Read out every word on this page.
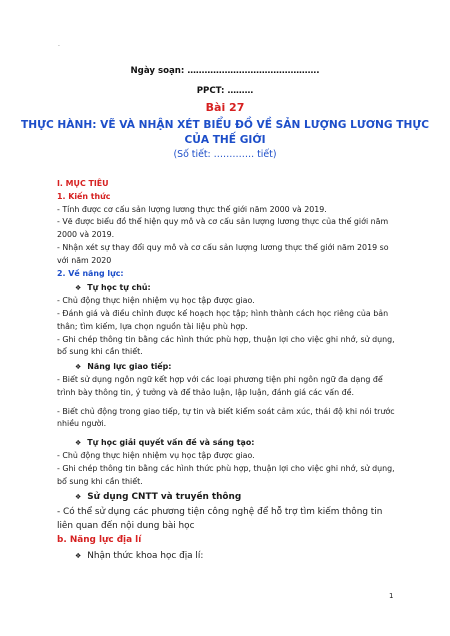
-
Ngày soạn: ……………………………………….
PPCT: ………
Bài 27
THỰC HÀNH: VẼ VÀ NHẬN XÉT BIỂU ĐỒ VỀ SẢN LƯỢNG LƯƠNG THỰC CỦA THẾ GIỚI
(Số tiết: …………. tiết)

I. MỤC TIÊU

1. Kiến thức

- Tính được cơ cấu sản lượng lương thực thế giới năm 2000 và 2019.

- Vẽ được biểu đồ thể hiện quy mô và cơ cấu sản lượng lương thực của thế giới năm 2000 và 2019.

- Nhận xét sự thay đổi quy mô và cơ cấu sản lượng lương thực thế giới năm 2019 so với năm 2020

2. Về năng lực:

❖ Tự học tự chủ:

- Chủ động thực hiện nhiệm vụ học tập được giao.

- Đánh giá và điều chỉnh được kế hoạch học tập; hình thành cách học riêng của bản thân; tìm kiếm, lựa chọn nguồn tài liệu phù hợp.

- Ghi chép thông tin bằng các hình thức phù hợp, thuận lợi cho việc ghi nhớ, sử dụng, bổ sung khi cần thiết.

❖ Năng lực giao tiếp:

- Biết sử dụng ngôn ngữ kết hợp với các loại phương tiện phi ngôn ngữ đa dạng để trình bày thông tin, ý tưởng và để thảo luận, lập luận, đánh giá các vấn đề.

- Biết chủ động trong giao tiếp, tự tin và biết kiểm soát cảm xúc, thái độ khi nói trước nhiều người.

❖ Tự học giải quyết vấn đề và sáng tạo:

- Chủ động thực hiện nhiệm vụ học tập được giao.

- Ghi chép thông tin bằng các hình thức phù hợp, thuận lợi cho việc ghi nhớ, sử dụng, bổ sung khi cần thiết.

❖ Sử dụng CNTT và truyền thông

- Có thể sử dụng các phương tiện công nghệ để hỗ trợ tìm kiếm thông tin liên quan đến nội dung bài học

b. Năng lực địa lí

❖ Nhận thức khoa học địa lí:

1
